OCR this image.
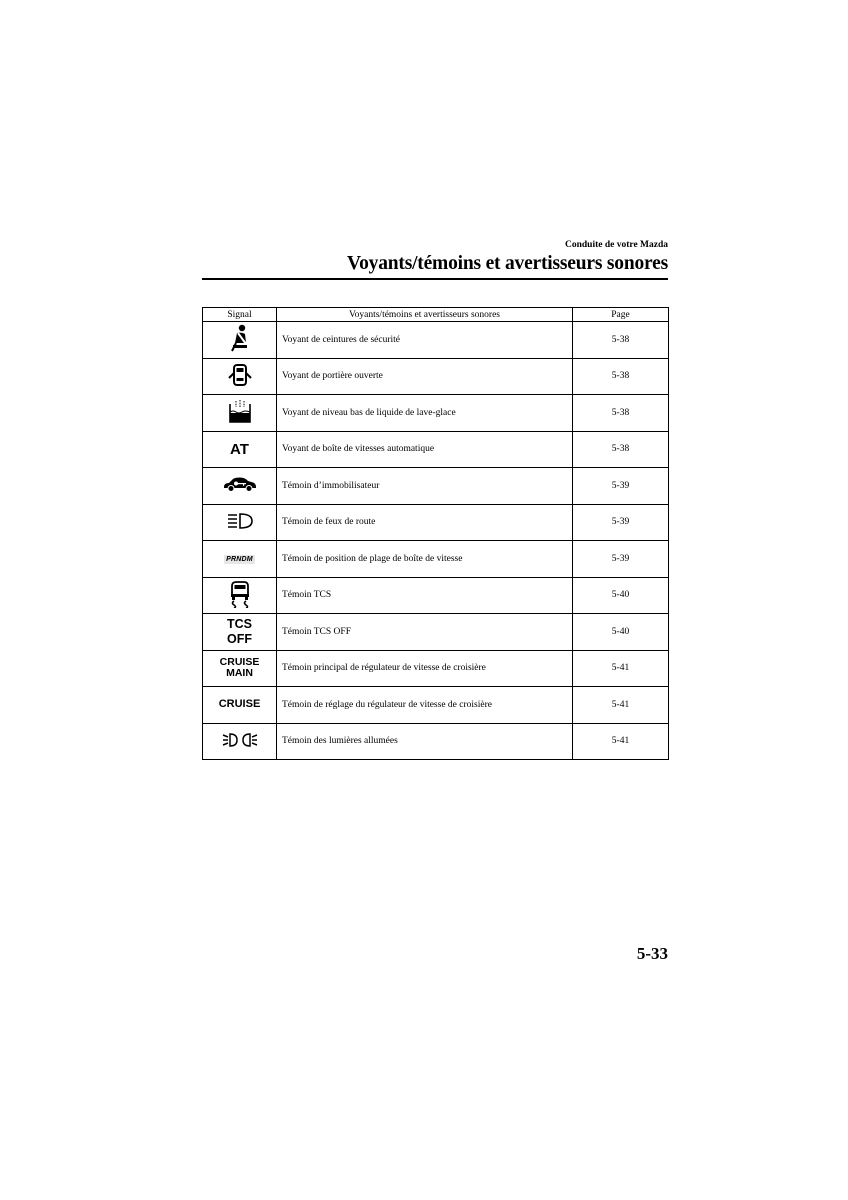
Conduite de votre Mazda
Voyants/témoins et avertisseurs sonores
Signal	Voyants/témoins et avertisseurs sonores	Page
	Voyant de ceintures de sécurité	5-38
	Voyant de portière ouverte	5-38
	Voyant de niveau bas de liquide de lave-glace	5-38
AT	Voyant de boîte de vitesses automatique	5-38
	Témoin d’immobilisateur	5-39
	Témoin de feux de route	5-39
PRNDM	Témoin de position de plage de boîte de vitesse	5-39
	Témoin TCS	5-40
TCS
OFF	Témoin TCS OFF	5-40
CRUISE
MAIN	Témoin principal de régulateur de vitesse de croisière	5-41
CRUISE	Témoin de réglage du régulateur de vitesse de croisière	5-41
	Témoin des lumières allumées	5-41
5-33
